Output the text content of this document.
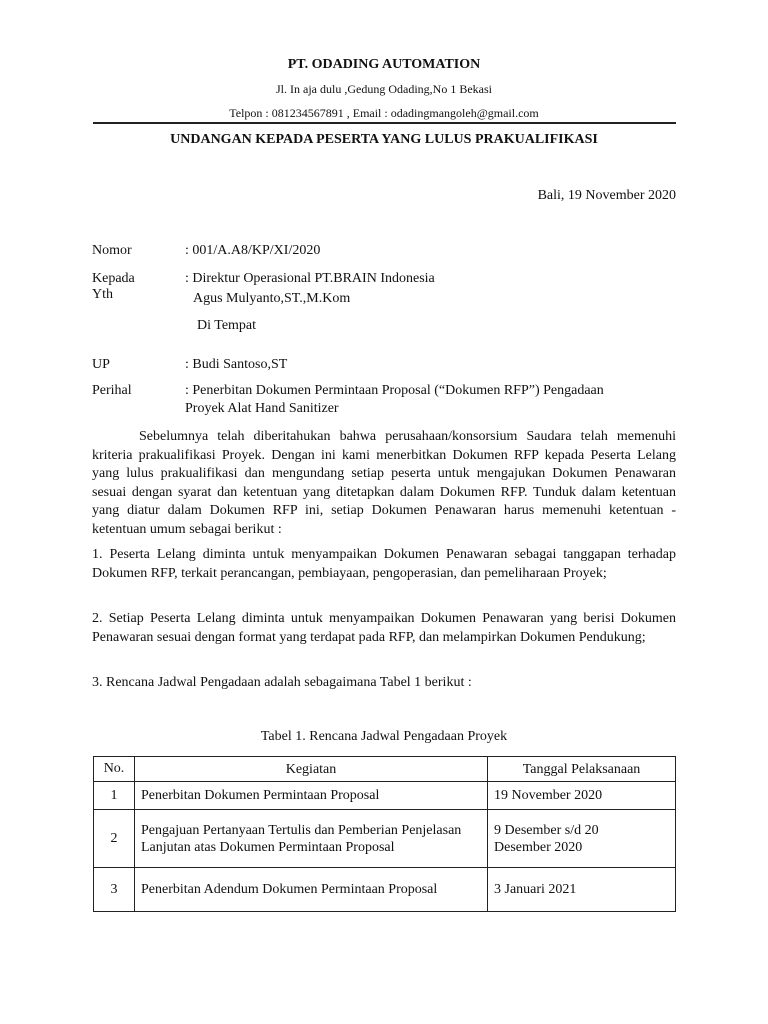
PT. ODADING AUTOMATION
Jl. In aja dulu ,Gedung Odading,No 1 Bekasi
Telpon : 081234567891 , Email : odadingmangoleh@gmail.com
UNDANGAN KEPADA PESERTA YANG LULUS PRAKUALIFIKASI
Bali, 19 November 2020
Nomor	: 001/A.A8/KP/XI/2020
Kepada Yth
: Direktur Operasional PT.BRAIN Indonesia
Agus Mulyanto,ST.,M.Kom
Di Tempat
UP	: Budi Santoso,ST
Perihal	: Penerbitan Dokumen Permintaan Proposal (“Dokumen RFP”) Pengadaan
Proyek Alat Hand Sanitizer

Sebelumnya telah diberitahukan bahwa perusahaan/konsorsium Saudara telah memenuhi kriteria prakualifikasi Proyek. Dengan ini kami menerbitkan Dokumen RFP kepada Peserta Lelang yang lulus prakualifikasi dan mengundang setiap peserta untuk mengajukan Dokumen Penawaran sesuai dengan syarat dan ketentuan yang ditetapkan dalam Dokumen RFP. Tunduk dalam ketentuan yang diatur dalam Dokumen RFP ini, setiap Dokumen Penawaran harus memenuhi ketentuan - ketentuan umum sebagai berikut :

1. Peserta Lelang diminta untuk menyampaikan Dokumen Penawaran sebagai tanggapan terhadap Dokumen RFP, terkait perancangan, pembiayaan, pengoperasian, dan pemeliharaan Proyek;

2. Setiap Peserta Lelang diminta untuk menyampaikan Dokumen Penawaran yang berisi Dokumen Penawaran sesuai dengan format yang terdapat pada RFP, dan melampirkan Dokumen Pendukung;

3. Rencana Jadwal Pengadaan adalah sebagaimana Tabel 1 berikut :

Tabel 1. Rencana Jadwal Pengadaan Proyek
No.	Kegiatan	Tanggal Pelaksanaan
1	Penerbitan Dokumen Permintaan Proposal	19 November 2020
2	Pengajuan Pertanyaan Tertulis dan Pemberian Penjelasan Lanjutan atas Dokumen Permintaan Proposal	9 Desember s/d 20 Desember 2020
3	Penerbitan Adendum Dokumen Permintaan Proposal	3 Januari 2021
